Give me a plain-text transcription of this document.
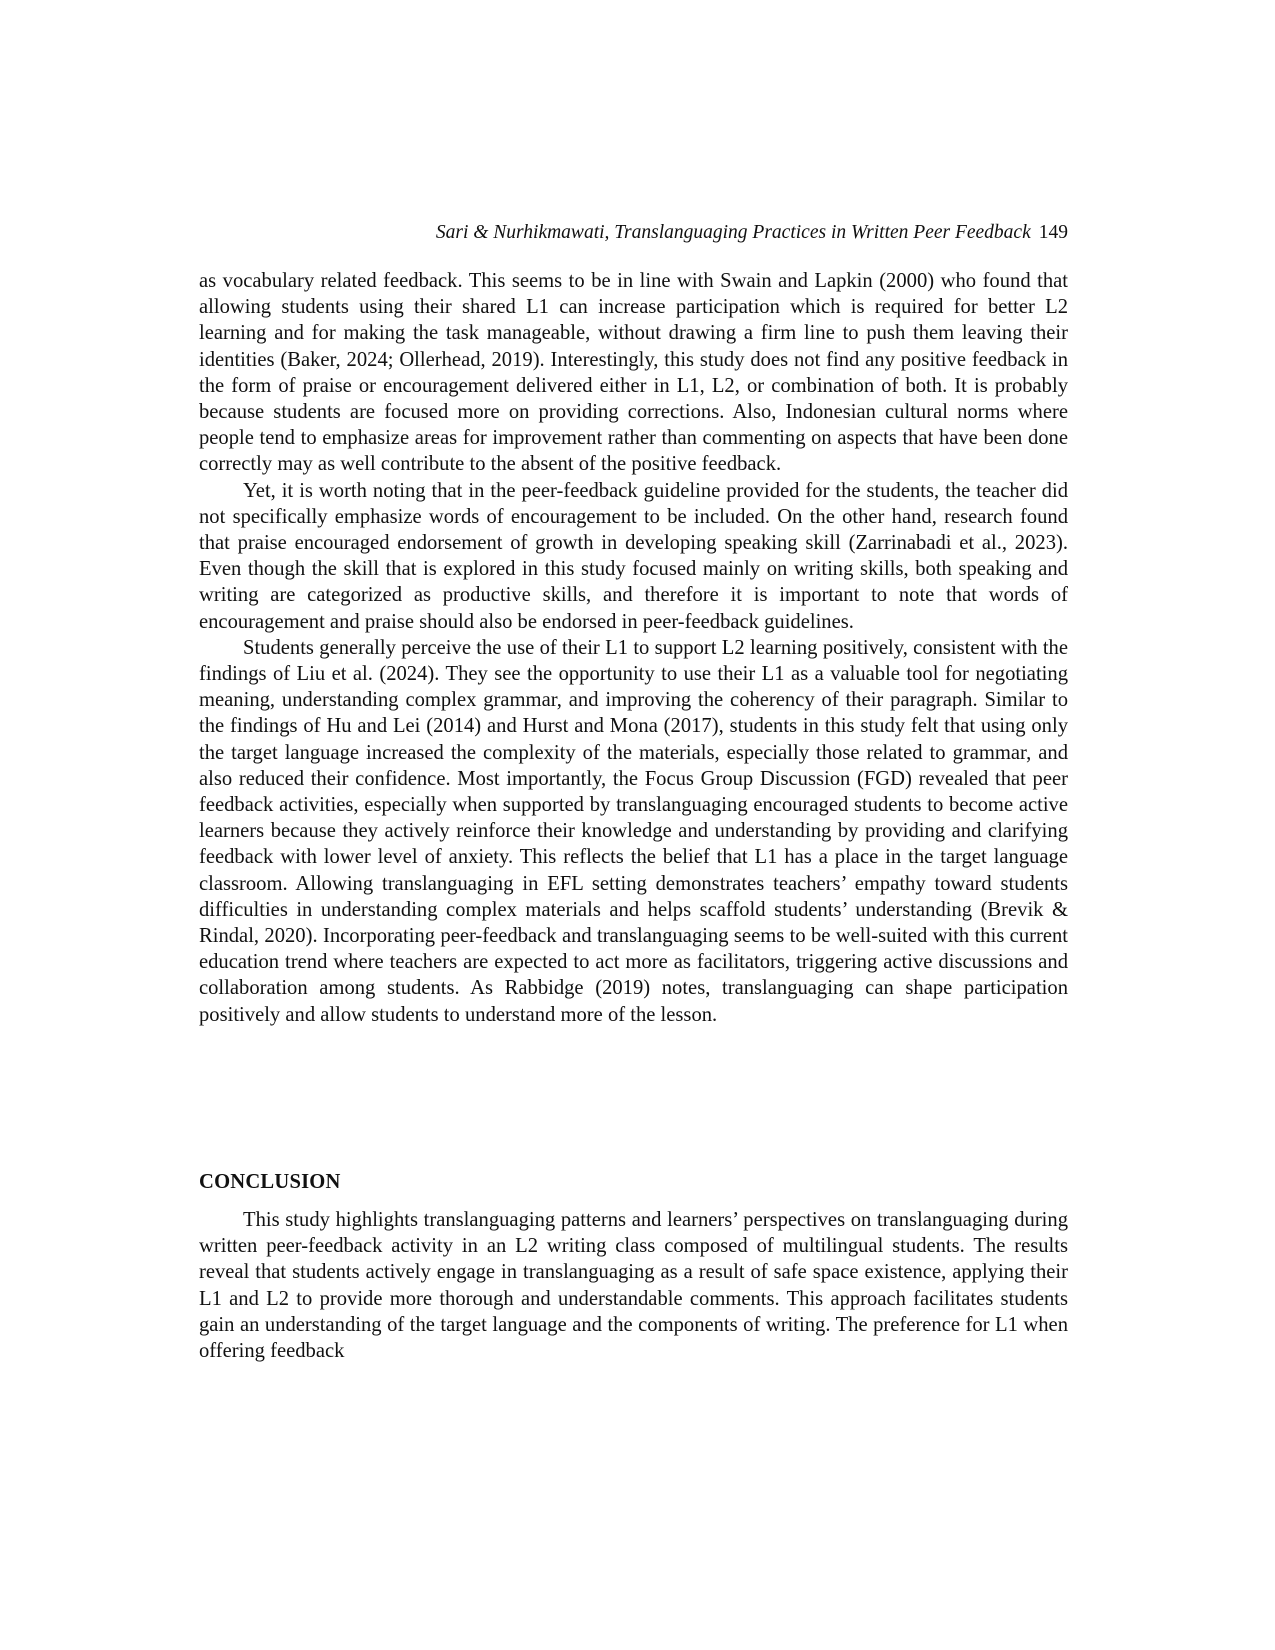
Sari & Nurhikmawati, Translanguaging Practices in Written Peer Feedback 149

as vocabulary related feedback. This seems to be in line with Swain and Lapkin (2000) who found that allowing students using their shared L1 can increase participation which is required for better L2 learning and for making the task manageable, without drawing a firm line to push them leaving their identities (Baker, 2024; Ollerhead, 2019). Interestingly, this study does not find any positive feedback in the form of praise or encouragement delivered either in L1, L2, or combination of both. It is probably because students are focused more on providing corrections. Also, Indonesian cultural norms where people tend to emphasize areas for improvement rather than commenting on aspects that have been done correctly may as well contribute to the absent of the positive feedback.

Yet, it is worth noting that in the peer-feedback guideline provided for the students, the teacher did not specifically emphasize words of encouragement to be included. On the other hand, research found that praise encouraged endorsement of growth in developing speaking skill (Zarrinabadi et al., 2023). Even though the skill that is explored in this study focused mainly on writing skills, both speaking and writing are categorized as productive skills, and therefore it is important to note that words of encouragement and praise should also be endorsed in peer-feedback guidelines.

Students generally perceive the use of their L1 to support L2 learning positively, consistent with the findings of Liu et al. (2024). They see the opportunity to use their L1 as a valuable tool for negotiating meaning, understanding complex grammar, and improving the coherency of their paragraph. Similar to the findings of Hu and Lei (2014) and Hurst and Mona (2017), students in this study felt that using only the target language increased the complexity of the materials, especially those related to grammar, and also reduced their confidence. Most importantly, the Focus Group Discussion (FGD) revealed that peer feedback activities, especially when supported by translanguaging encouraged students to become active learners because they actively reinforce their knowledge and understanding by providing and clarifying feedback with lower level of anxiety. This reflects the belief that L1 has a place in the target language classroom. Allowing translanguaging in EFL setting demonstrates teachers’ empathy toward students difficulties in understanding complex materials and helps scaffold students’ understanding (Brevik & Rindal, 2020). Incorporating peer-feedback and translanguaging seems to be well-suited with this current education trend where teachers are expected to act more as facilitators, triggering active discussions and collaboration among students. As Rabbidge (2019) notes, translanguaging can shape participation positively and allow students to understand more of the lesson.

CONCLUSION

This study highlights translanguaging patterns and learners’ perspectives on translanguaging during written peer-feedback activity in an L2 writing class composed of multilingual students. The results reveal that students actively engage in translanguaging as a result of safe space existence, applying their L1 and L2 to provide more thorough and understandable comments. This approach facilitates students gain an understanding of the target language and the components of writing. The preference for L1 when offering feedback
